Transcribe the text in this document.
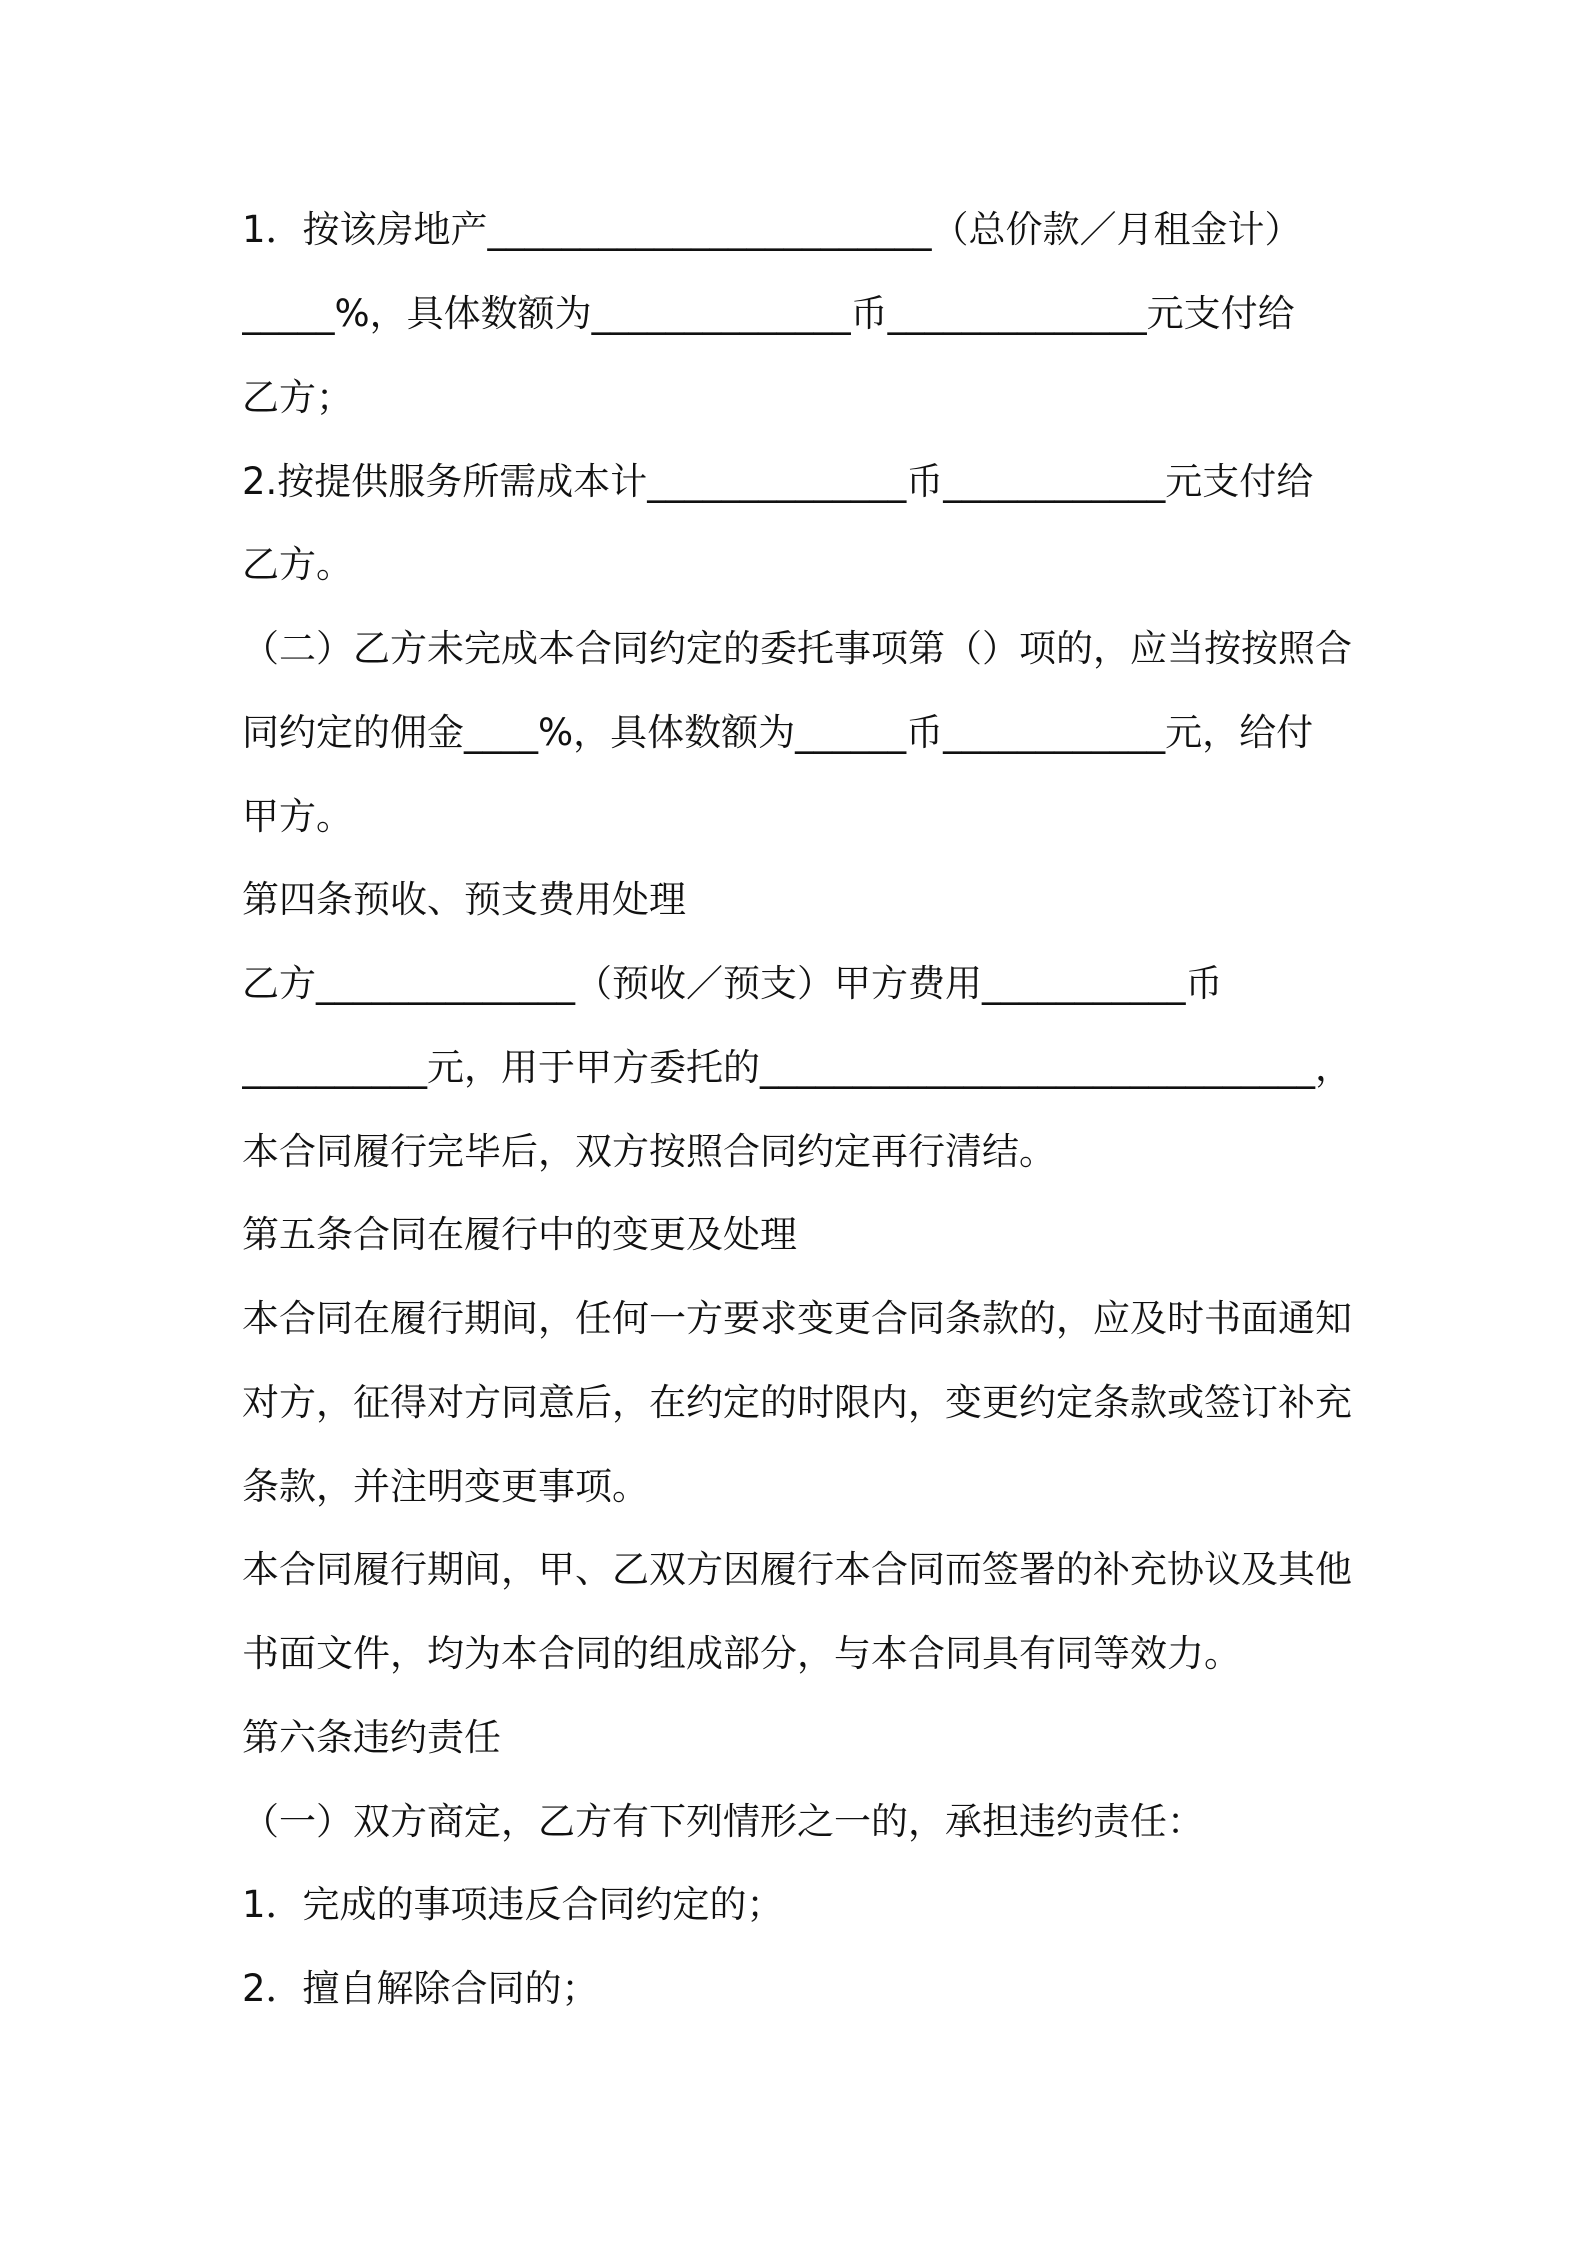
1．按该房地产________________________（总价款／月租金计）
_____%，具体数额为______________币______________元支付给
乙方；
2.按提供服务所需成本计______________币____________元支付给
乙方。
（二）乙方未完成本合同约定的委托事项第（）项的，应当按按照合
同约定的佣金____%，具体数额为______币____________元，给付
甲方。
第四条预收、预支费用处理
乙方______________（预收／预支）甲方费用___________币
__________元，用于甲方委托的______________________________，
本合同履行完毕后，双方按照合同约定再行清结。
第五条合同在履行中的变更及处理
本合同在履行期间，任何一方要求变更合同条款的，应及时书面通知
对方，征得对方同意后，在约定的时限内，变更约定条款或签订补充
条款，并注明变更事项。
本合同履行期间，甲、乙双方因履行本合同而签署的补充协议及其他
书面文件，均为本合同的组成部分，与本合同具有同等效力。
第六条违约责任
（一）双方商定，乙方有下列情形之一的，承担违约责任：
1．完成的事项违反合同约定的；
2．擅自解除合同的；
